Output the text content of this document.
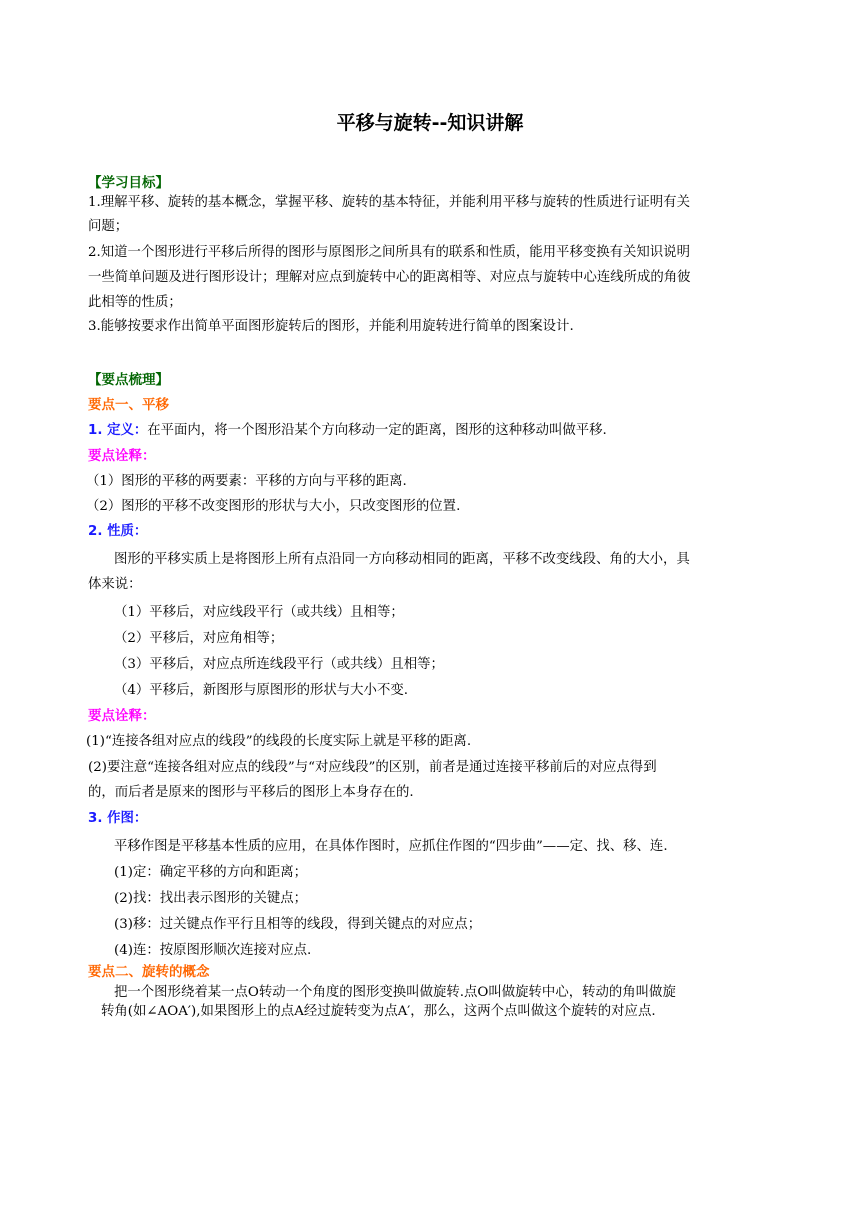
平移与旋转--知识讲解
【学习目标】
1.理解平移、旋转的基本概念，掌握平移、旋转的基本特征，并能利用平移与旋转的性质进行证明有关
问题；
2.知道一个图形进行平移后所得的图形与原图形之间所具有的联系和性质，能用平移变换有关知识说明
一些简单问题及进行图形设计；理解对应点到旋转中心的距离相等、对应点与旋转中心连线所成的角彼
此相等的性质；
3.能够按要求作出简单平面图形旋转后的图形，并能利用旋转进行简单的图案设计.
【要点梳理】
要点一、平移
1. 定义：在平面内，将一个图形沿某个方向移动一定的距离，图形的这种移动叫做平移.
要点诠释：
（1）图形的平移的两要素：平移的方向与平移的距离.
（2）图形的平移不改变图形的形状与大小，只改变图形的位置.
2. 性质：
图形的平移实质上是将图形上所有点沿同一方向移动相同的距离，平移不改变线段、角的大小，具
体来说：
（1）平移后，对应线段平行（或共线）且相等；
（2）平移后，对应角相等；
（3）平移后，对应点所连线段平行（或共线）且相等；
（4）平移后，新图形与原图形的形状与大小不变.
要点诠释：
(1)“连接各组对应点的线段”的线段的长度实际上就是平移的距离.
(2)要注意“连接各组对应点的线段”与“对应线段”的区别，前者是通过连接平移前后的对应点得到
的，而后者是原来的图形与平移后的图形上本身存在的.
3. 作图：
平移作图是平移基本性质的应用，在具体作图时，应抓住作图的“四步曲”——定、找、移、连.
(1)定：确定平移的方向和距离；
(2)找：找出表示图形的关键点；
(3)移：过关键点作平行且相等的线段，得到关键点的对应点；
(4)连：按原图形顺次连接对应点.
要点二、旋转的概念
把一个图形绕着某一点O转动一个角度的图形变换叫做旋转.点O叫做旋转中心，转动的角叫做旋
转角(如∠AOA′),如果图形上的点A经过旋转变为点A′，那么，这两个点叫做这个旋转的对应点.
